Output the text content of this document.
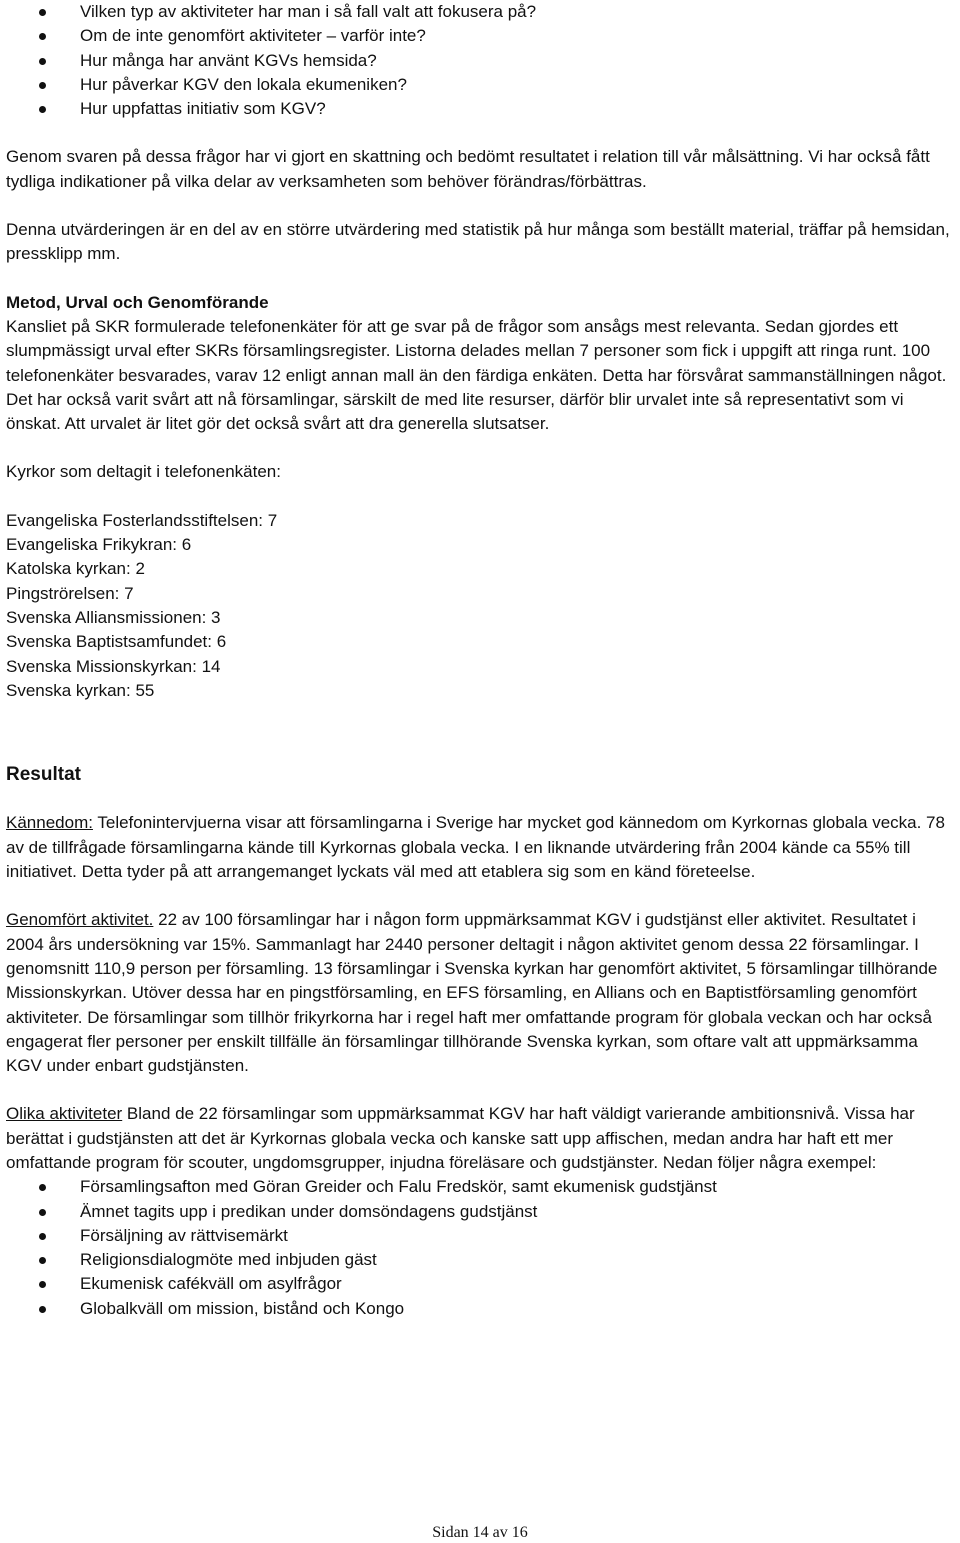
Vilken typ av aktiviteter har man i så fall valt att fokusera på?
Om de inte genomfört aktiviteter – varför inte?
Hur många har använt KGVs hemsida?
Hur påverkar KGV den lokala ekumeniken?
Hur uppfattas initiativ som KGV?

Genom svaren på dessa frågor har vi gjort en skattning och bedömt resultatet i relation till vår målsättning. Vi har också fått tydliga indikationer på vilka delar av verksamheten som behöver förändras/förbättras.

Denna utvärderingen är en del av en större utvärdering med statistik på hur många som beställt material, träffar på hemsidan, pressklipp mm.

Metod, Urval och Genomförande

Kansliet på SKR formulerade telefonenkäter för att ge svar på de frågor som ansågs mest relevanta. Sedan gjordes ett slumpmässigt urval efter SKRs församlingsregister. Listorna delades mellan 7 personer som fick i uppgift att ringa runt. 100 telefonenkäter besvarades, varav 12 enligt annan mall än den färdiga enkäten. Detta har försvårat sammanställningen något. Det har också varit svårt att nå församlingar, särskilt de med lite resurser, därför blir urvalet inte så representativt som vi önskat. Att urvalet är litet gör det också svårt att dra generella slutsatser.

Kyrkor som deltagit i telefonenkäten:

Evangeliska Fosterlandsstiftelsen: 7

Evangeliska Frikykran: 6

Katolska kyrkan: 2

Pingströrelsen: 7

Svenska Alliansmissionen: 3

Svenska Baptistsamfundet: 6

Svenska Missionskyrkan: 14

Svenska kyrkan: 55

Resultat

Kännedom: Telefonintervjuerna visar att församlingarna i Sverige har mycket god kännedom om Kyrkornas globala vecka. 78 av de tillfrågade församlingarna kände till Kyrkornas globala vecka. I en liknande utvärdering från 2004 kände ca 55% till initiativet. Detta tyder på att arrangemanget lyckats väl med att etablera sig som en känd företeelse.

Genomfört aktivitet. 22 av 100 församlingar har i någon form uppmärksammat KGV i gudstjänst eller aktivitet. Resultatet i 2004 års undersökning var 15%. Sammanlagt har 2440 personer deltagit i någon aktivitet genom dessa 22 församlingar. I genomsnitt 110,9 person per församling. 13 församlingar i Svenska kyrkan har genomfört aktivitet, 5 församlingar tillhörande Missionskyrkan. Utöver dessa har en pingstförsamling, en EFS församling, en Allians och en Baptistförsamling genomfört aktiviteter. De församlingar som tillhör frikyrkorna har i regel haft mer omfattande program för globala veckan och har också engagerat fler personer per enskilt tillfälle än församlingar tillhörande Svenska kyrkan, som oftare valt att uppmärksamma KGV under enbart gudstjänsten.

Olika aktiviteter Bland de 22 församlingar som uppmärksammat KGV har haft väldigt varierande ambitionsnivå. Vissa har berättat i gudstjänsten att det är Kyrkornas globala vecka och kanske satt upp affischen, medan andra har haft ett mer omfattande program för scouter, ungdomsgrupper, injudna föreläsare och gudstjänster. Nedan följer några exempel:

Församlingsafton med Göran Greider och Falu Fredskör, samt ekumenisk gudstjänst
Ämnet tagits upp i predikan under domsöndagens gudstjänst
Försäljning av rättvisemärkt
Religionsdialogmöte med inbjuden gäst
Ekumenisk cafékväll om asylfrågor
Globalkväll om mission, bistånd och Kongo
Sidan 14 av 16
